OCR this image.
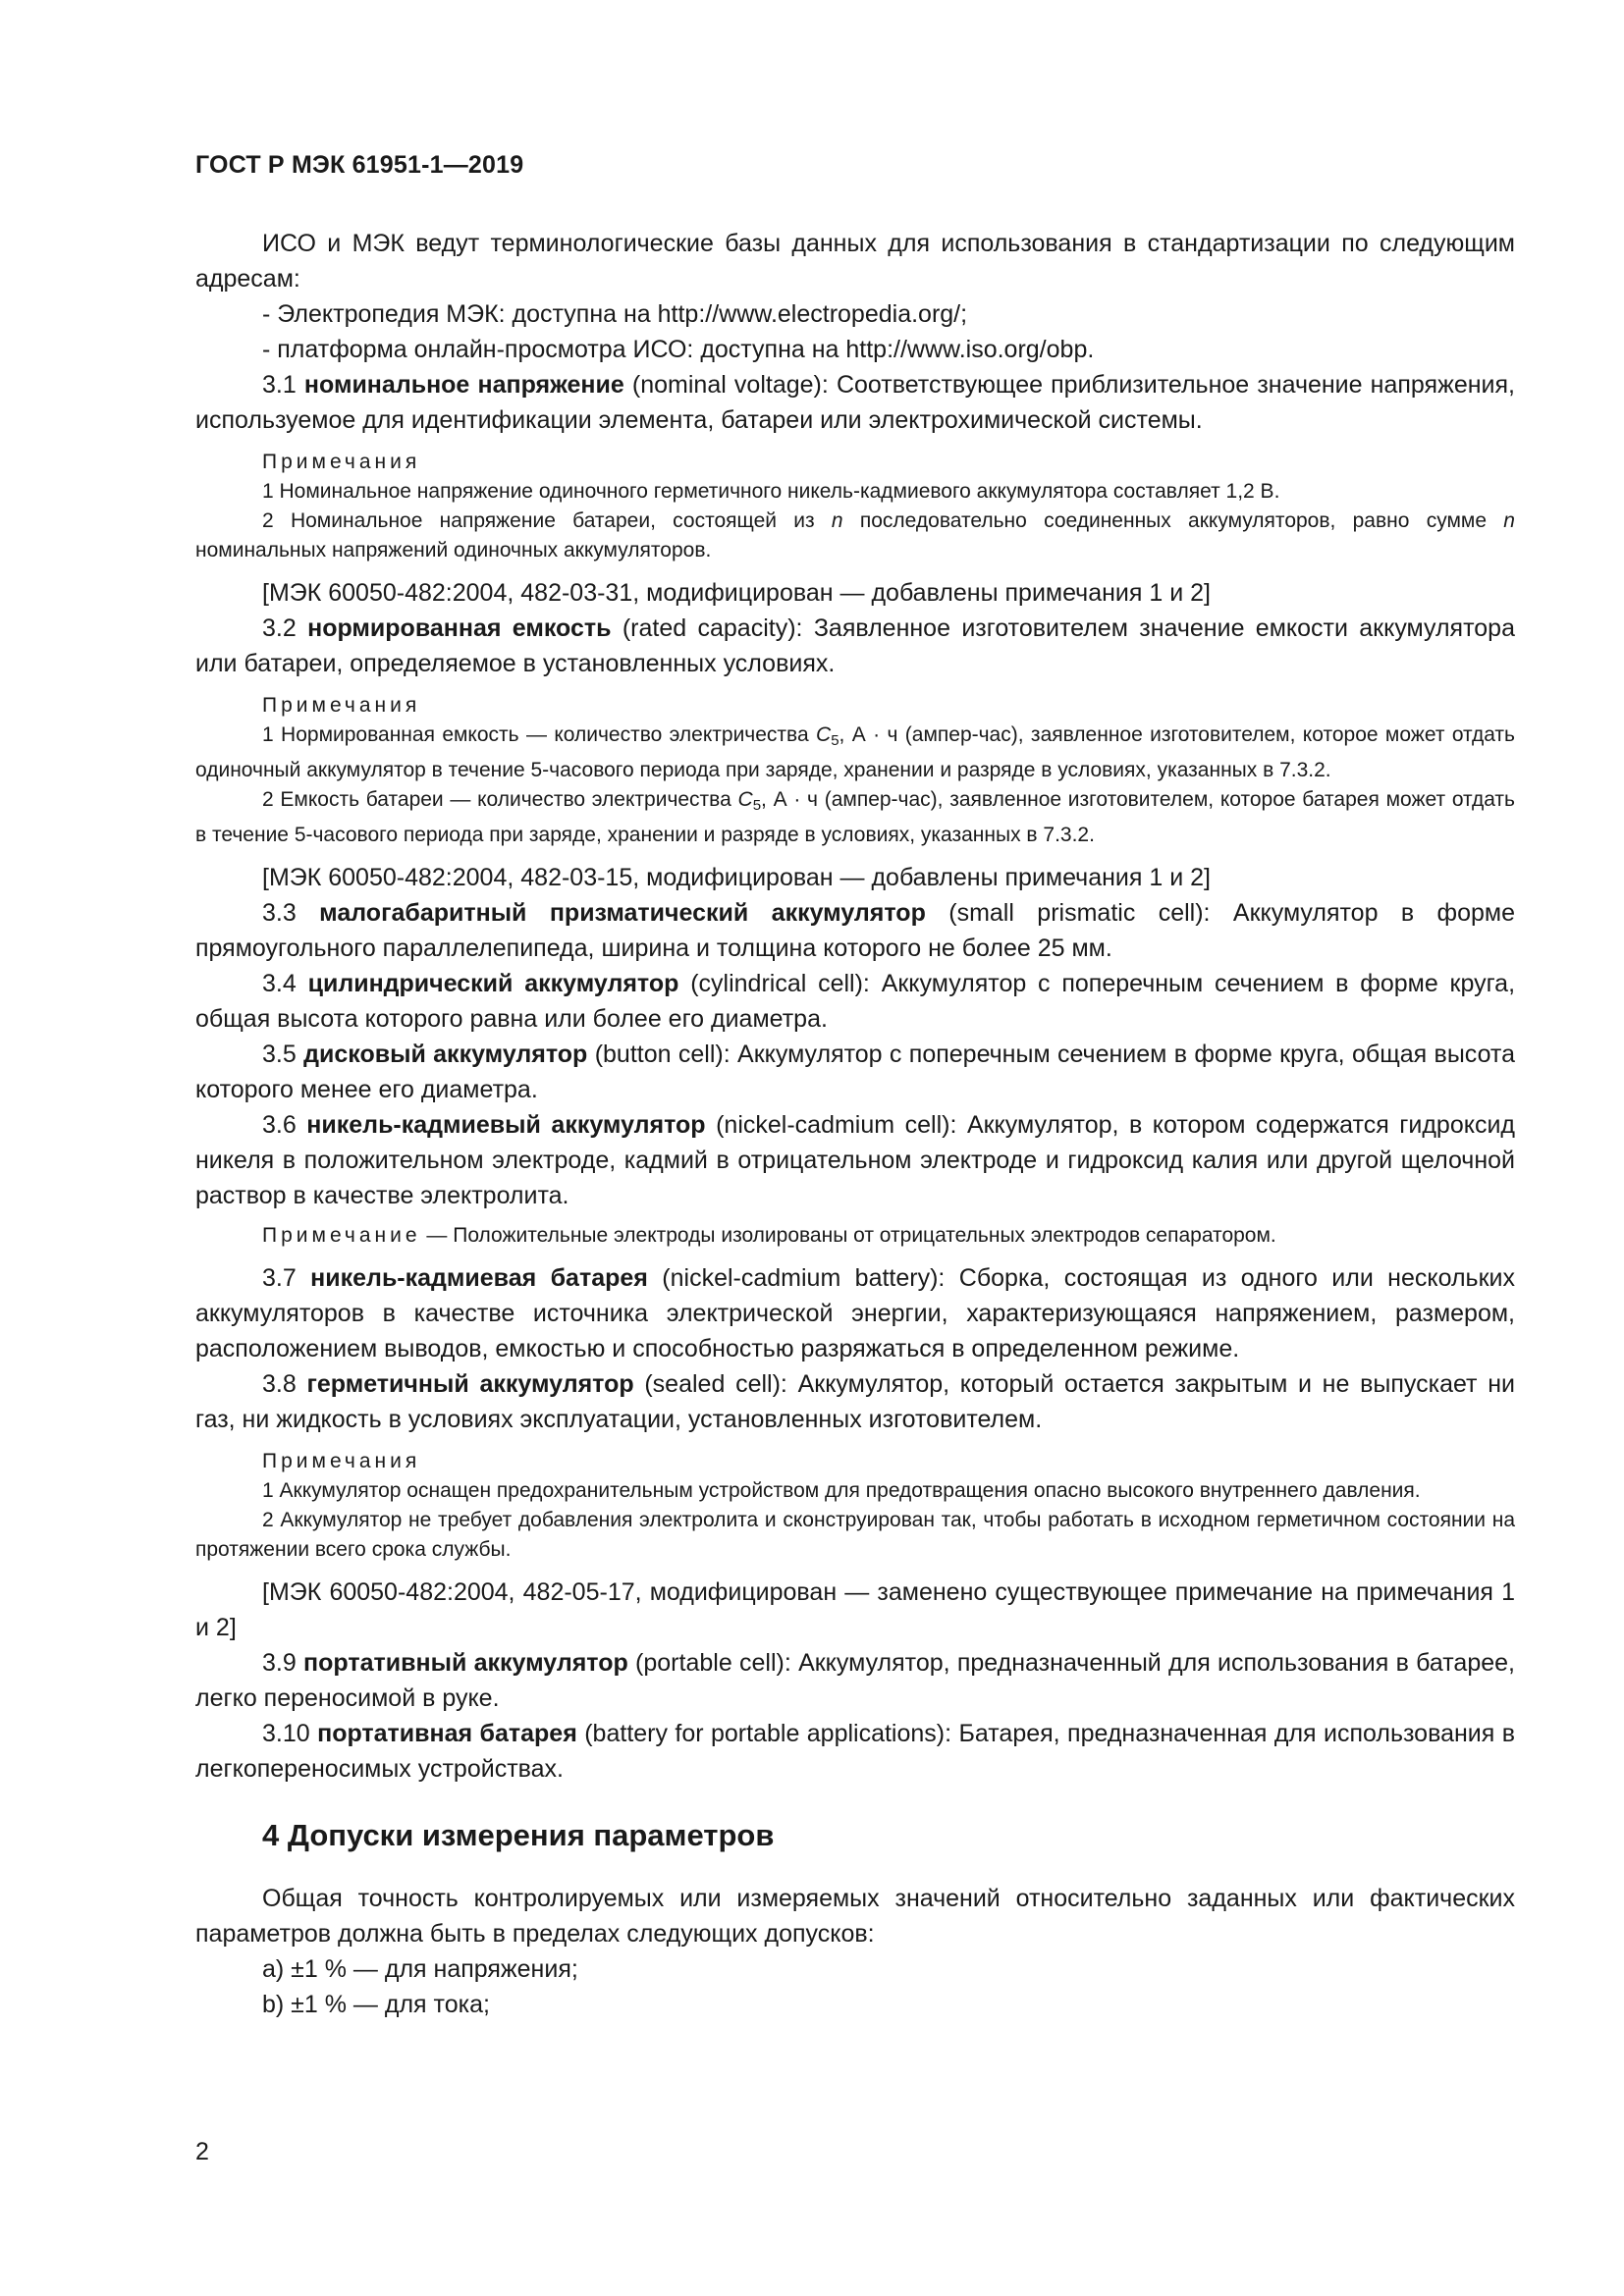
ГОСТ Р МЭК 61951-1—2019

ИСО и МЭК ведут терминологические базы данных для использования в стандартизации по следующим адресам:

- Электропедия МЭК: доступна на http://www.electropedia.org/;

- платформа онлайн-просмотра ИСО: доступна на http://www.iso.org/obp.

3.1 номинальное напряжение (nominal voltage): Соответствующее приблизительное значение напряжения, используемое для идентификации элемента, батареи или электрохимической системы.

Примечания

1 Номинальное напряжение одиночного герметичного никель-кадмиевого аккумулятора составляет 1,2 В.

2 Номинальное напряжение батареи, состоящей из n последовательно соединенных аккумуляторов, равно сумме n номинальных напряжений одиночных аккумуляторов.

[МЭК 60050-482:2004, 482-03-31, модифицирован — добавлены примечания 1 и 2]

3.2 нормированная емкость (rated capacity): Заявленное изготовителем значение емкости аккумулятора или батареи, определяемое в установленных условиях.

Примечания

1 Нормированная емкость — количество электричества $C_5$, А · ч (ампер-час), заявленное изготовителем, которое может отдать одиночный аккумулятор в течение 5-часового периода при заряде, хранении и разряде в условиях, указанных в 7.3.2.

2 Емкость батареи — количество электричества $C_5$, А · ч (ампер-час), заявленное изготовителем, которое батарея может отдать в течение 5-часового периода при заряде, хранении и разряде в условиях, указанных в 7.3.2.

[МЭК 60050-482:2004, 482-03-15, модифицирован — добавлены примечания 1 и 2]

3.3 малогабаритный призматический аккумулятор (small prismatic cell): Аккумулятор в форме прямоугольного параллелепипеда, ширина и толщина которого не более 25 мм.

3.4 цилиндрический аккумулятор (cylindrical cell): Аккумулятор с поперечным сечением в форме круга, общая высота которого равна или более его диаметра.

3.5 дисковый аккумулятор (button cell): Аккумулятор с поперечным сечением в форме круга, общая высота которого менее его диаметра.

3.6 никель-кадмиевый аккумулятор (nickel-cadmium cell): Аккумулятор, в котором содержатся гидроксид никеля в положительном электроде, кадмий в отрицательном электроде и гидроксид калия или другой щелочной раствор в качестве электролита.

Примечание — Положительные электроды изолированы от отрицательных электродов сепаратором.

3.7 никель-кадмиевая батарея (nickel-cadmium battery): Сборка, состоящая из одного или нескольких аккумуляторов в качестве источника электрической энергии, характеризующаяся напряжением, размером, расположением выводов, емкостью и способностью разряжаться в определенном режиме.

3.8 герметичный аккумулятор (sealed cell): Аккумулятор, который остается закрытым и не выпускает ни газ, ни жидкость в условиях эксплуатации, установленных изготовителем.

Примечания

1 Аккумулятор оснащен предохранительным устройством для предотвращения опасно высокого внутреннего давления.

2 Аккумулятор не требует добавления электролита и сконструирован так, чтобы работать в исходном герметичном состоянии на протяжении всего срока службы.

[МЭК 60050-482:2004, 482-05-17, модифицирован — заменено существующее примечание на примечания 1 и 2]

3.9 портативный аккумулятор (portable cell): Аккумулятор, предназначенный для использования в батарее, легко переносимой в руке.

3.10 портативная батарея (battery for portable applications): Батарея, предназначенная для использования в легкопереносимых устройствах.

4 Допуски измерения параметров

Общая точность контролируемых или измеряемых значений относительно заданных или фактических параметров должна быть в пределах следующих допусков:

a) ±1 % — для напряжения;

b) ±1 % — для тока;

2
